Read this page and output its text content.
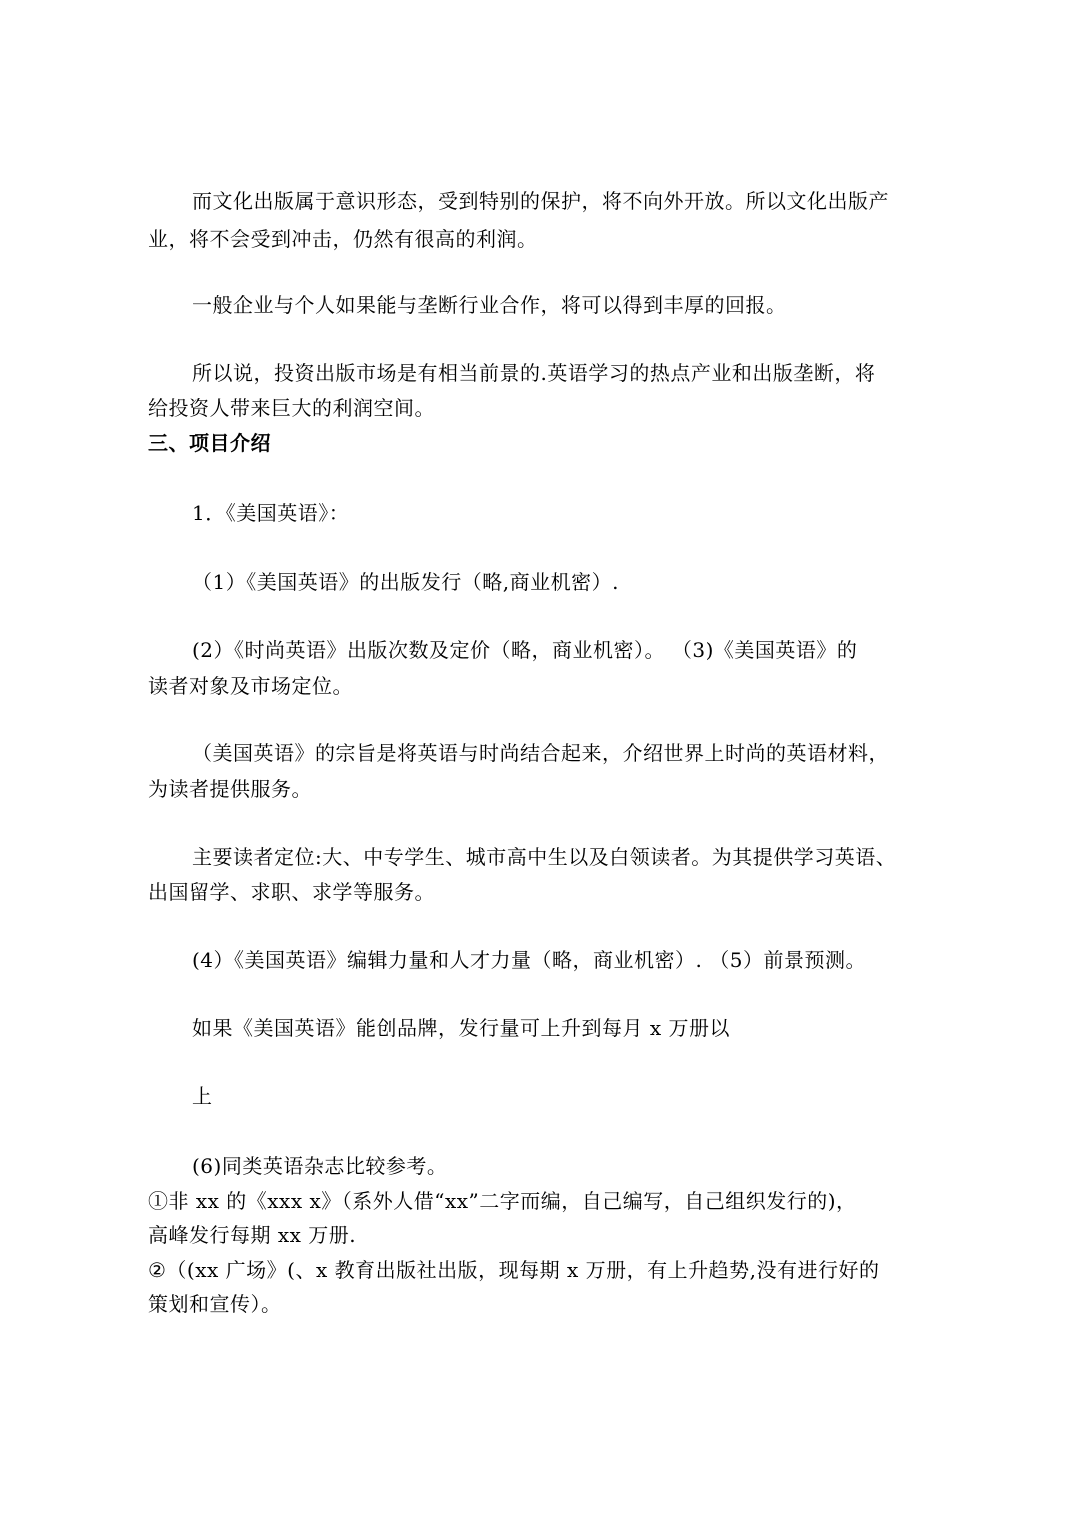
而文化出版属于意识形态，受到特别的保护，将不向外开放。所以文化出版产
业，将不会受到冲击，仍然有很高的利润。
一般企业与个人如果能与垄断行业合作，将可以得到丰厚的回报。
所以说，投资出版市场是有相当前景的.英语学习的热点产业和出版垄断，将
给投资人带来巨大的利润空间。
三、项目介绍
1．《美国英语》：
（1）《美国英语》的出版发行（略,商业机密）.
(2）《时尚英语》出版次数及定价（略，商业机密）。 （3)《美国英语》的
读者对象及市场定位。
（美国英语》的宗旨是将英语与时尚结合起来，介绍世界上时尚的英语材料，
为读者提供服务。
主要读者定位:大、中专学生、城市高中生以及白领读者。为其提供学习英语、
出国留学、求职、求学等服务。
(4）《美国英语》编辑力量和人才力量（略，商业机密）. （5）前景预测。
如果《美国英语》能创品牌，发行量可上升到每月 x 万册以
上
(6)同类英语杂志比较参考。
①非 xx 的《xxx x》（系外人借“xx”二字而编，自己编写，自己组织发行的)，
高峰发行每期 xx 万册.
②（(xx 广场》(、x 教育出版社出版，现每期 x 万册，有上升趋势,没有进行好的
策划和宣传）。
